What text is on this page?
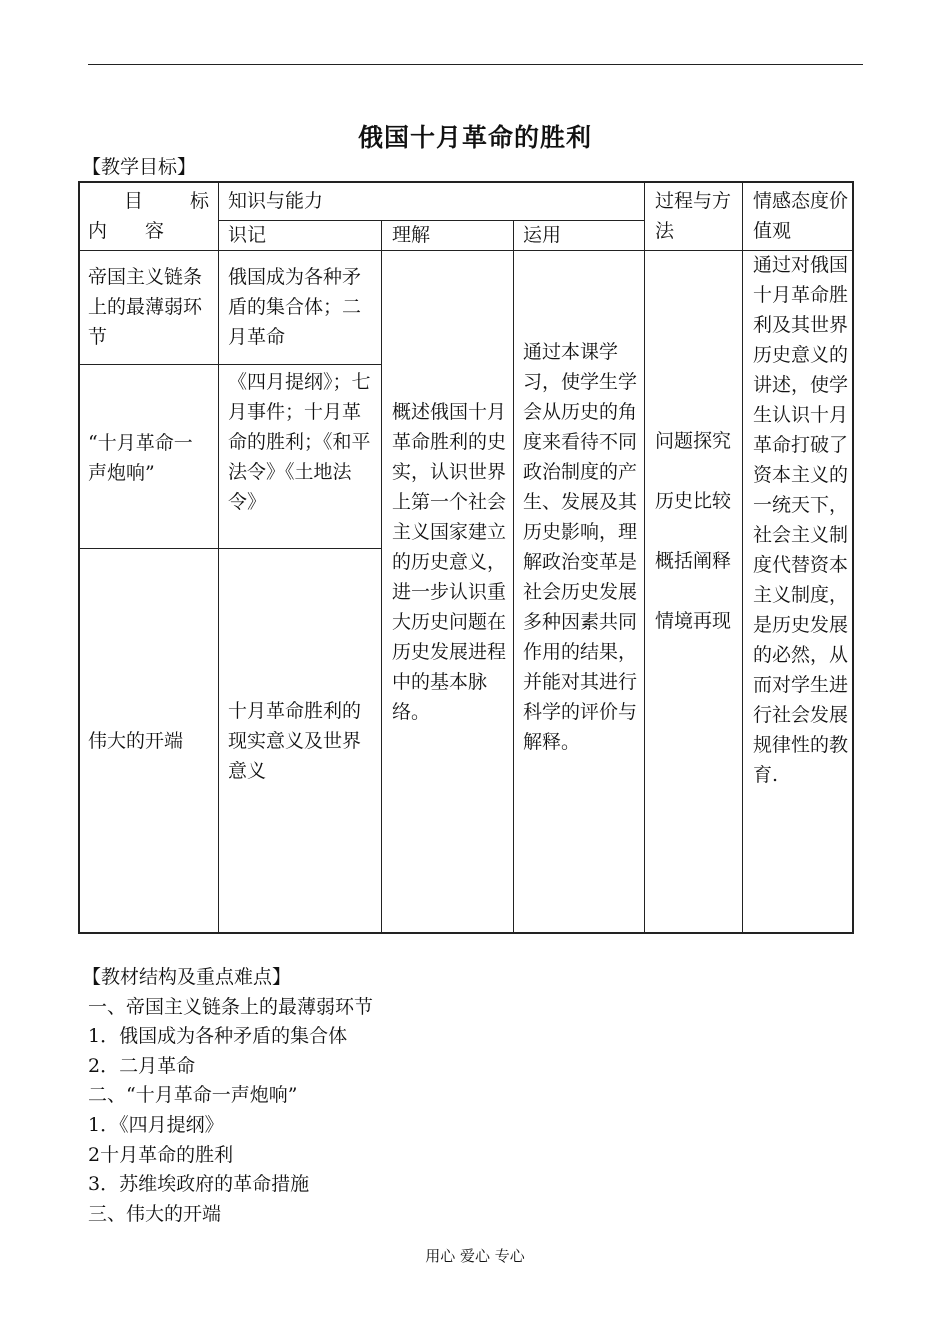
俄国十月革命的胜利
【教学目标】
目　标
内　　容
知识与能力
识记	理解	运用
过程与方法
情感态度价值观
帝国主义链条上的最薄弱环节
“十月革命一声炮响”
伟大的开端
俄国成为各种矛盾的集合体；二月革命
《四月提纲》；七月事件；十月革命的胜利；《和平法令》《土地法令》
十月革命胜利的现实意义及世界意义
概述俄国十月革命胜利的史实，认识世界上第一个社会主义国家建立的历史意义，进一步认识重大历史问题在历史发展进程中的基本脉络。
通过本课学习，使学生学会从历史的角度来看待不同政治制度的产生、发展及其历史影响，理解政治变革是社会历史发展多种因素共同作用的结果，并能对其进行科学的评价与解释。
问题探究
历史比较
概括阐释
情境再现
通过对俄国十月革命胜利及其世界历史意义的讲述，使学生认识十月革命打破了资本主义的一统天下，社会主义制度代替资本主义制度，是历史发展的必然，从而对学生进行社会发展规律性的教育.
【教材结构及重点难点】
一、帝国主义链条上的最薄弱环节
1．俄国成为各种矛盾的集合体
2．二月革命
二、“十月革命一声炮响”
1．《四月提纲》
2十月革命的胜利
3．苏维埃政府的革命措施
三、伟大的开端
用心 爱心 专心
